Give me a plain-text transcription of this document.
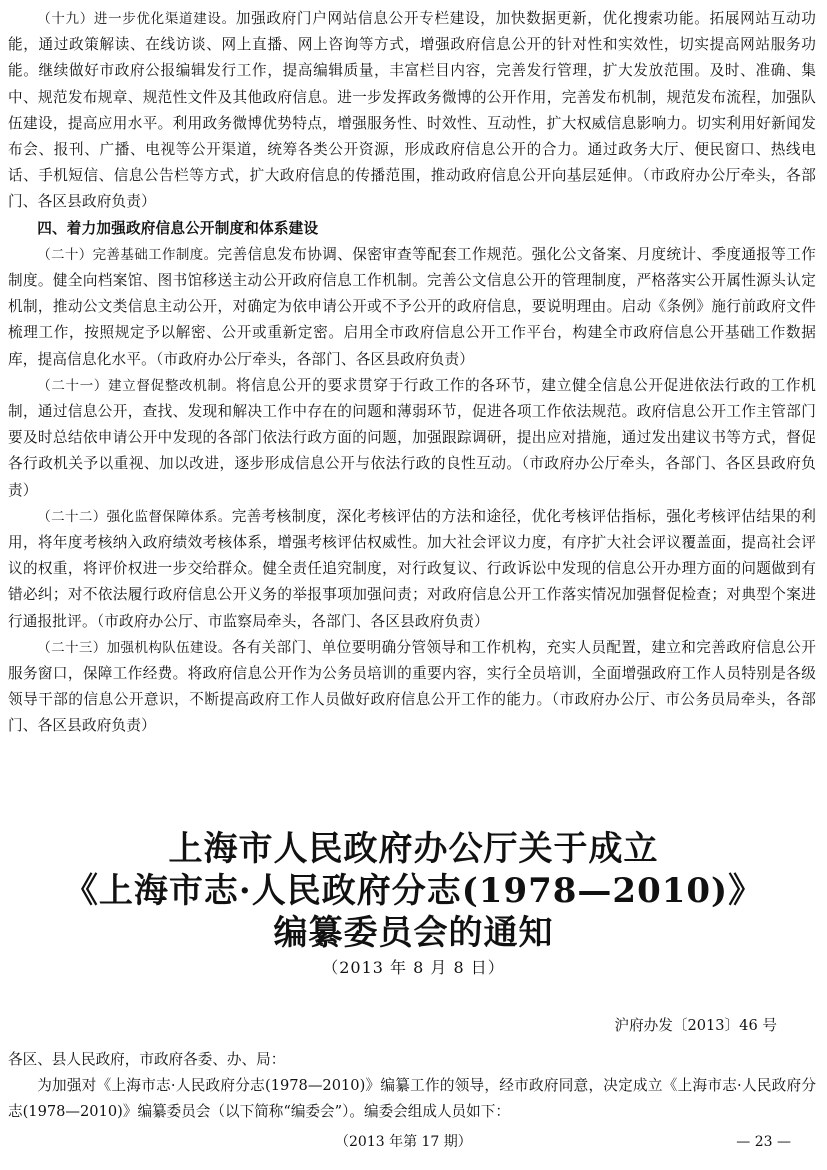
（十九）进一步优化渠道建设。加强政府门户网站信息公开专栏建设，加快数据更新，优化搜索功能。拓展网站互动功能，通过政策解读、在线访谈、网上直播、网上咨询等方式，增强政府信息公开的针对性和实效性，切实提高网站服务功能。继续做好市政府公报编辑发行工作，提高编辑质量，丰富栏目内容，完善发行管理，扩大发放范围。及时、准确、集中、规范发布规章、规范性文件及其他政府信息。进一步发挥政务微博的公开作用，完善发布机制，规范发布流程，加强队伍建设，提高应用水平。利用政务微博优势特点，增强服务性、时效性、互动性，扩大权威信息影响力。切实利用好新闻发布会、报刊、广播、电视等公开渠道，统筹各类公开资源，形成政府信息公开的合力。通过政务大厅、便民窗口、热线电话、手机短信、信息公告栏等方式，扩大政府信息的传播范围，推动政府信息公开向基层延伸。（市政府办公厅牵头，各部门、各区县政府负责）

四、着力加强政府信息公开制度和体系建设

（二十）完善基础工作制度。完善信息发布协调、保密审查等配套工作规范。强化公文备案、月度统计、季度通报等工作制度。健全向档案馆、图书馆移送主动公开政府信息工作机制。完善公文信息公开的管理制度，严格落实公开属性源头认定机制，推动公文类信息主动公开，对确定为依申请公开或不予公开的政府信息，要说明理由。启动《条例》施行前政府文件梳理工作，按照规定予以解密、公开或重新定密。启用全市政府信息公开工作平台，构建全市政府信息公开基础工作数据库，提高信息化水平。（市政府办公厅牵头，各部门、各区县政府负责）

（二十一）建立督促整改机制。将信息公开的要求贯穿于行政工作的各环节，建立健全信息公开促进依法行政的工作机制，通过信息公开，查找、发现和解决工作中存在的问题和薄弱环节，促进各项工作依法规范。政府信息公开工作主管部门要及时总结依申请公开中发现的各部门依法行政方面的问题，加强跟踪调研，提出应对措施，通过发出建议书等方式，督促各行政机关予以重视、加以改进，逐步形成信息公开与依法行政的良性互动。（市政府办公厅牵头，各部门、各区县政府负责）

（二十二）强化监督保障体系。完善考核制度，深化考核评估的方法和途径，优化考核评估指标，强化考核评估结果的利用，将年度考核纳入政府绩效考核体系，增强考核评估权威性。加大社会评议力度，有序扩大社会评议覆盖面，提高社会评议的权重，将评价权进一步交给群众。健全责任追究制度，对行政复议、行政诉讼中发现的信息公开办理方面的问题做到有错必纠；对不依法履行政府信息公开义务的举报事项加强问责；对政府信息公开工作落实情况加强督促检查；对典型个案进行通报批评。（市政府办公厅、市监察局牵头，各部门、各区县政府负责）

（二十三）加强机构队伍建设。各有关部门、单位要明确分管领导和工作机构，充实人员配置，建立和完善政府信息公开服务窗口，保障工作经费。将政府信息公开作为公务员培训的重要内容，实行全员培训，全面增强政府工作人员特别是各级领导干部的信息公开意识，不断提高政府工作人员做好政府信息公开工作的能力。（市政府办公厅、市公务员局牵头，各部门、各区县政府负责）

上海市人民政府办公厅关于成立

《上海市志·人民政府分志(1978—2010)》

编纂委员会的通知

（2013 年 8 月 8 日）

沪府办发〔2013〕46 号

各区、县人民政府，市政府各委、办、局：

为加强对《上海市志·人民政府分志(1978—2010)》编纂工作的领导，经市政府同意，决定成立《上海市志·人民政府分志(1978—2010)》编纂委员会（以下简称“编委会”）。编委会组成人员如下：

（2013 年第 17 期）	— 23 —
